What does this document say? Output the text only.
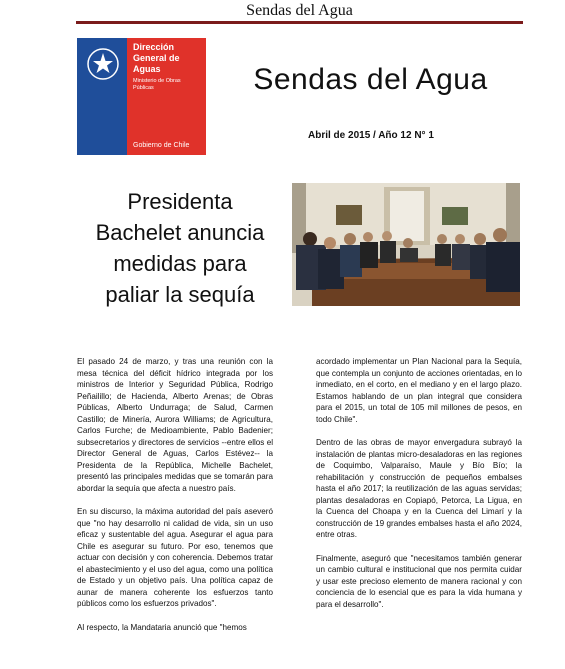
Sendas del Agua
Dirección
General de
Aguas
Ministerio de Obras
Públicas
Gobierno de Chile
Sendas del Agua
Abril de 2015 / Año 12 N° 1
Presidenta
Bachelet anuncia
medidas para
paliar la sequía

El pasado 24 de marzo, y tras una reunión con la mesa técnica del déficit hídrico integrada por los ministros de Interior y Seguridad Pública, Rodrigo Peñailillo; de Hacienda, Alberto Arenas; de Obras Públicas, Alberto Undurraga; de Salud, Carmen Castillo; de Minería, Aurora Williams; de Agricultura, Carlos Furche; de Medioambiente, Pablo Badenier; subsecretarios y directores de servicios --entre ellos el Director General de Aguas, Carlos Estévez-- la Presidenta de la República, Michelle Bachelet, presentó las principales medidas que se tomarán para abordar la sequía que afecta a nuestro país.

En su discurso, la máxima autoridad del país aseveró que "no hay desarrollo ni calidad de vida, sin un uso eficaz y sustentable del agua. Asegurar el agua para Chile es asegurar su futuro. Por eso, tenemos que actuar con decisión y con coherencia. Debemos tratar el abastecimiento y el uso del agua, como una política de Estado y un objetivo país. Una política capaz de aunar de manera coherente los esfuerzos tanto públicos como los esfuerzos privados".

Al respecto, la Mandataria anunció que "hemos

acordado implementar un Plan Nacional para la Sequía, que contempla un conjunto de acciones orientadas, en lo inmediato, en el corto, en el mediano y en el largo plazo. Estamos hablando de un plan integral que considera para el 2015, un total de 105 mil millones de pesos, en todo Chile".

Dentro de las obras de mayor envergadura subrayó la instalación de plantas micro-desaladoras en las regiones de Coquimbo, Valparaíso, Maule y Bío Bío; la rehabilitación y construcción de pequeños embalses hasta el año 2017; la reutilización de las aguas servidas; plantas desaladoras en Copiapó, Petorca, La Ligua, en la Cuenca del Choapa y en la Cuenca del Limarí y la construcción de 19 grandes embalses hasta el año 2024, entre otras.

Finalmente, aseguró que "necesitamos también generar un cambio cultural e institucional que nos permita cuidar y usar este precioso elemento de manera racional y con conciencia de lo esencial que es para la vida humana y para el desarrollo".
